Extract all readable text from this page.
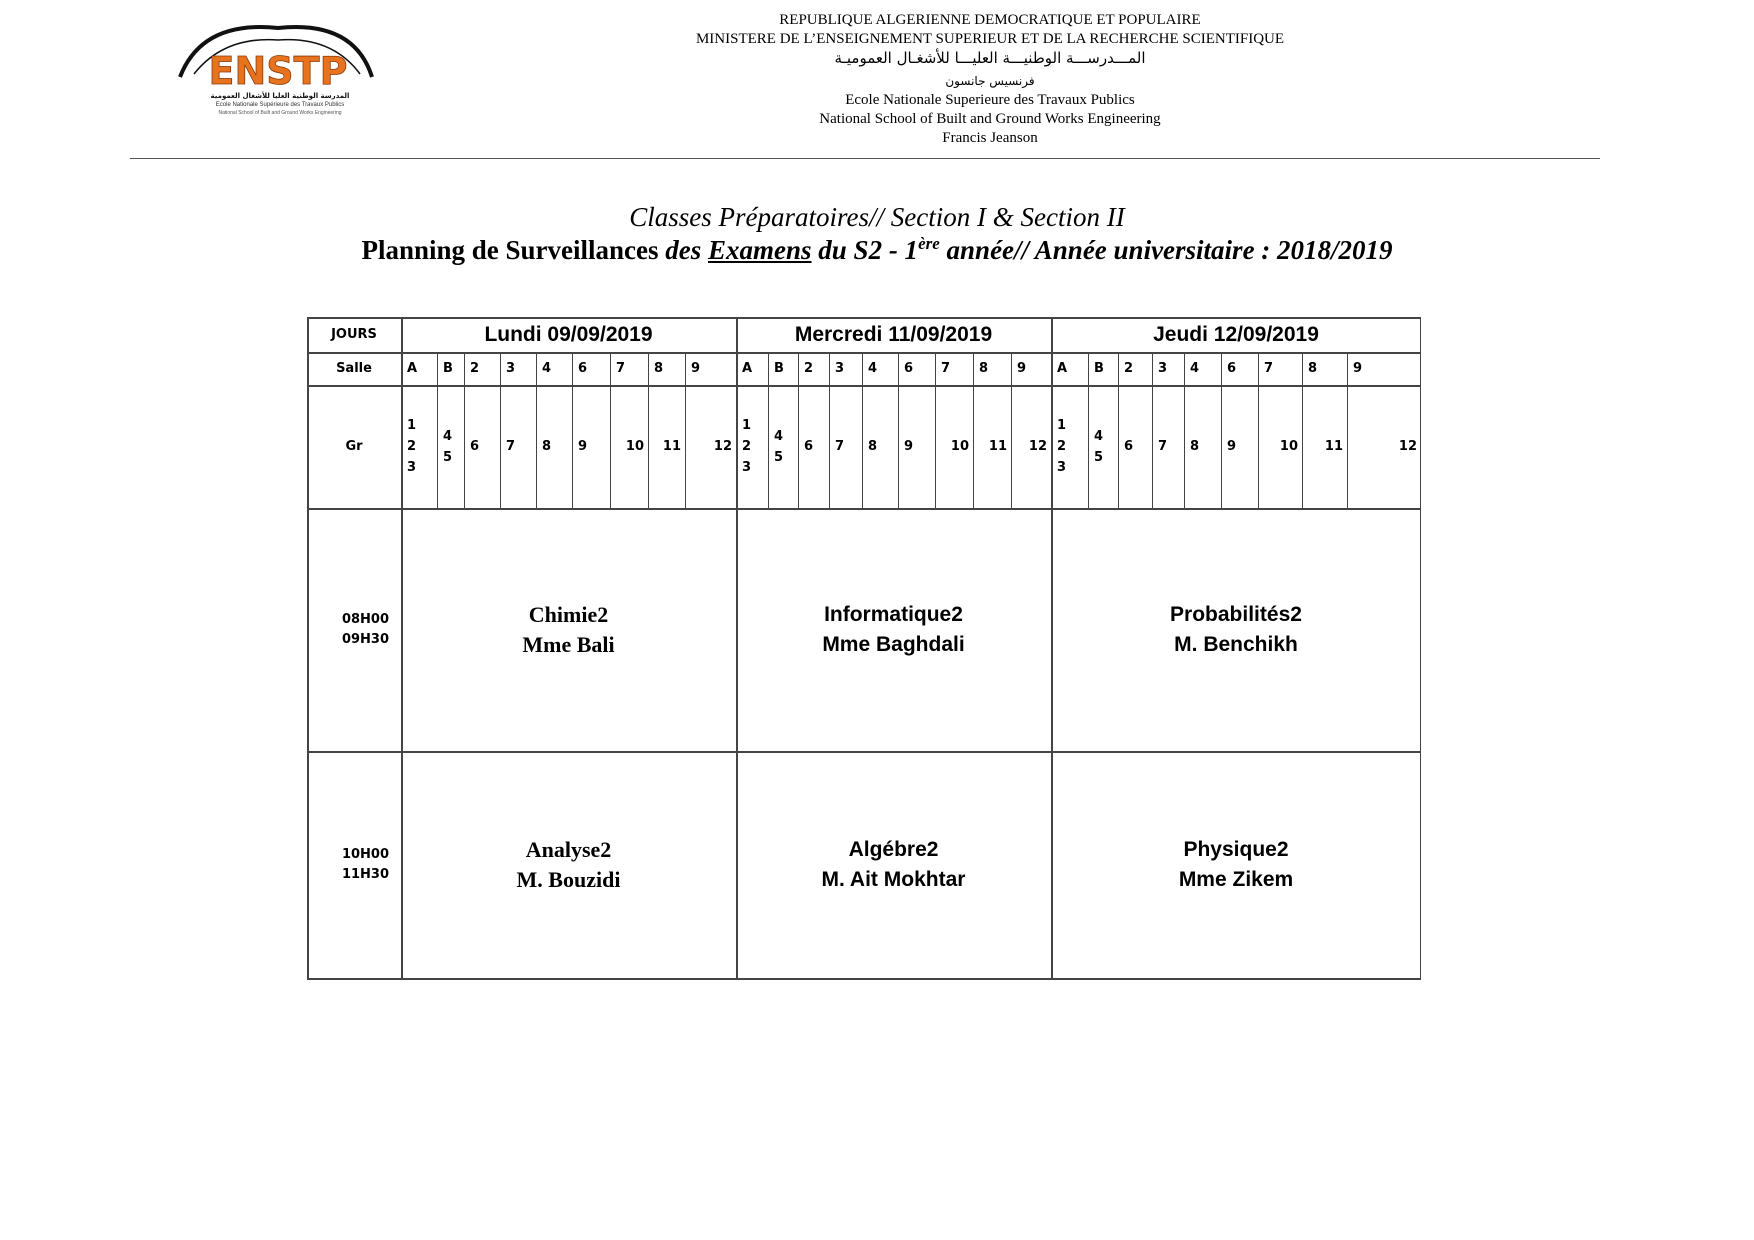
ENSTP
المدرسة الوطنية العليا للأشغال العمومية
Ecole Nationale Supérieure des Travaux Publics
National School of Built and Ground Works Engineering
REPUBLIQUE ALGERIENNE DEMOCRATIQUE ET POPULAIRE
MINISTERE DE L’ENSEIGNEMENT SUPERIEUR ET DE LA RECHERCHE SCIENTIFIQUE
المـــدرســـة الوطنيـــة العليـــا للأشغـال العموميـة
فرنسيس جانسون
Ecole Nationale Superieure des Travaux Publics
National School of Built and Ground Works Engineering
Francis Jeanson
Classes Préparatoires// Section I & Section II
Planning de Surveillances des Examens du S2 - 1ère année// Année universitaire : 2018/2019
JOURS
Salle
Gr
Lundi 09/09/2019	Mercredi 11/09/2019	Jeudi 12/09/2019
A
1
2
3
B
4
5
2
6
3
7
4
8
6
9
7
10
8
11
9
12
A
1
2
3
B
4
5
2
6
3
7
4
8
6
9
7
10
8
11
9
12
A
1
2
3
B
4
5
2
6
3
7
4
8
6
9
7
10
8
11
9
12
08H00
09H30
Chimie2
Mme Bali
Informatique2
Mme Baghdali
Probabilités2
M. Benchikh
10H00
11H30
Analyse2
M. Bouzidi
Algébre2
M. Ait Mokhtar
Physique2
Mme Zikem
